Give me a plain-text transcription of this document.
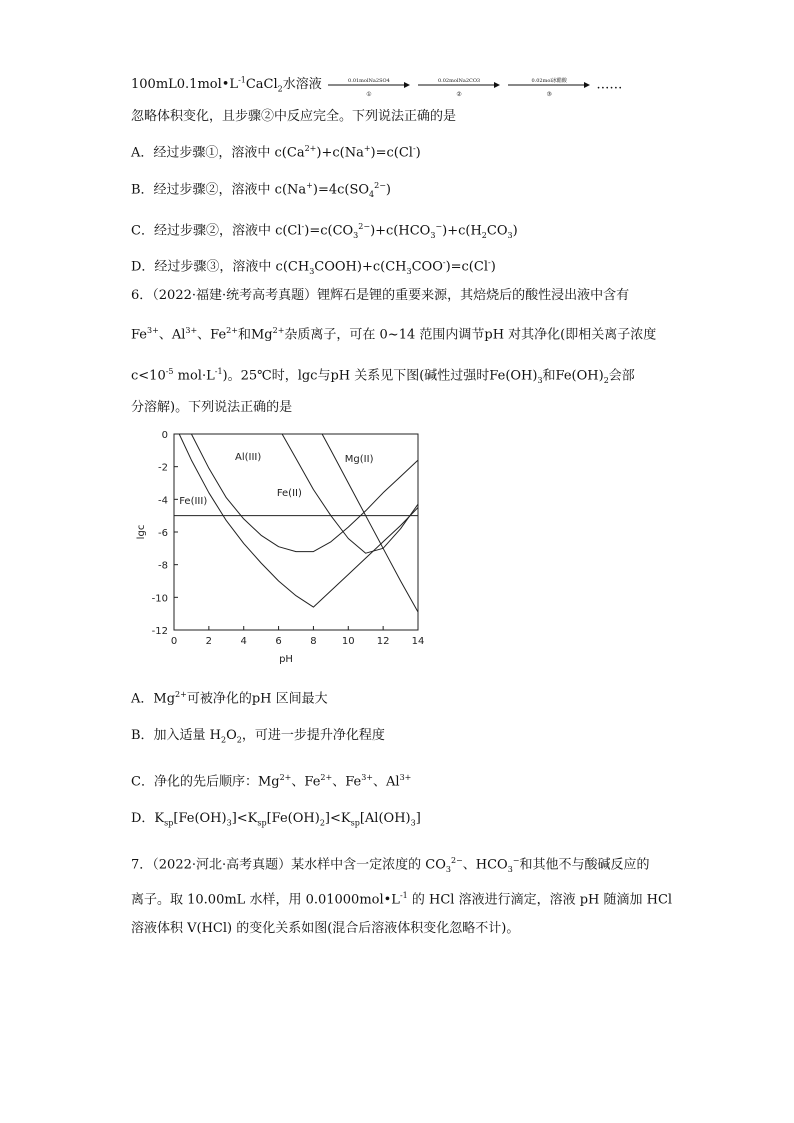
$100mL0.1mol•L^{-1}CaCl_2$水溶液	0.01molNa2SO4
①

0.02molNa2CO3
②

0.02mol冰醋酸
③
……
忽略体积变化，且步骤②中反应完全。下列说法正确的是
A．经过步骤①，溶液中 $c(Ca^{2+})+c(Na^+)=c(Cl^-)$
B．经过步骤②，溶液中 $c(Na^+)=4c(SO_4^{2-})$
C．经过步骤②，溶液中 $c(Cl^-)=c(CO_3^{2-})+c(HCO_3^-)+c(H_2CO_3)$
D．经过步骤③，溶液中 $c(CH_3COOH)+c(CH_3COO^-)=c(Cl^-)$
6．（2022·福建·统考高考真题）锂辉石是锂的重要来源，其焙烧后的酸性浸出液中含有
$Fe^{3+}$、$Al^{3+}$、$Fe^{2+}$和$Mg^{2+}$杂质离子，可在 0~14 范围内调节pH 对其净化(即相关离子浓度
$c<10^{-5}$ $mol\cdot L^{-1}$)。25℃时，lgc与pH 关系见下图(碱性过强时$Fe(OH)_3$和$Fe(OH)_2$会部
分溶解)。下列说法正确的是
0	2	4	6	8	10 12 14
0
-2
-4
-6
-8
-10
-12
pH
lgc
Fe(III)
Al(III)
Fe(II)
Mg(II)
A．$Mg^{2+}$可被净化的pH 区间最大
B．加入适量 $H_2O_2$，可进一步提升净化程度
C．净化的先后顺序：$Mg^{2+}$、$Fe^{2+}$、$Fe^{3+}$、$Al^{3+}$
D．$K_{sp}[Fe(OH)_3]<K_{sp}[Fe(OH)_2]<K_{sp}[Al(OH)_3]$
7．（2022·河北·高考真题）某水样中含一定浓度的 $CO_3^{2-}$、$HCO_3^-$和其他不与酸碱反应的
离子。取 10.00mL 水样，用 $0.01000mol•L^{-1}$ 的 HCl 溶液进行滴定，溶液 pH 随滴加 HCl
溶液体积 V(HCl) 的变化关系如图(混合后溶液体积变化忽略不计)。
